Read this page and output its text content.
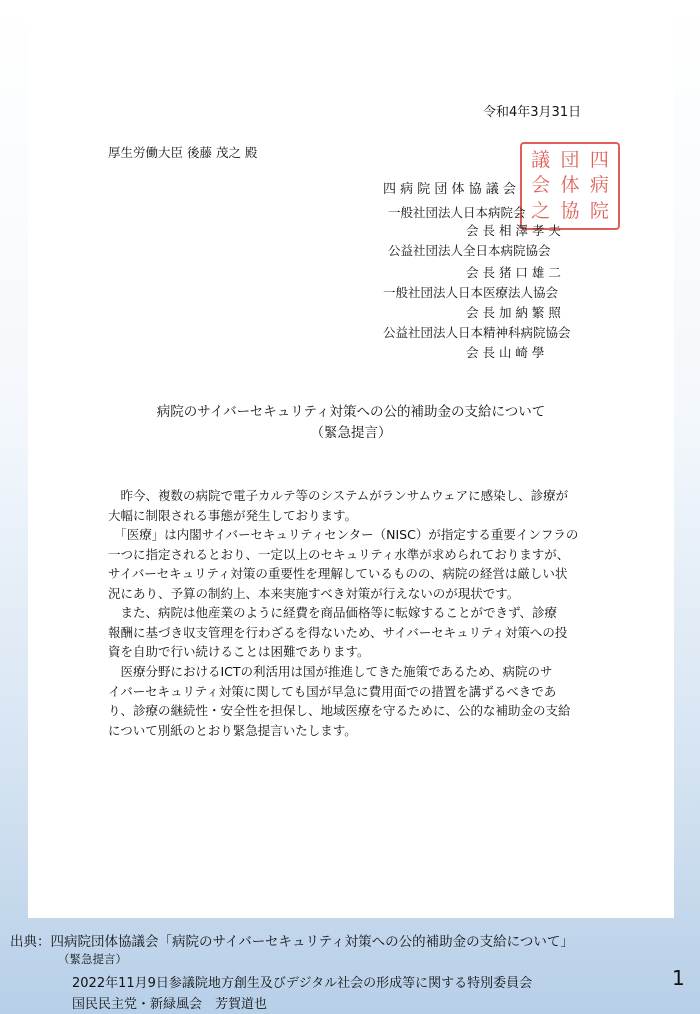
令和4年3月31日
厚生労働大臣 後藤 茂之 殿	四
病
院
団
体
協
議
会
之
四 病 院 団 体 協 議 会
一般社団法人日本病院会
会 長 相 澤 孝 夫
公益社団法人全日本病院協会
会 長 猪 口 雄 二
一般社団法人日本医療法人協会
会 長 加 納 繁 照
公益社団法人日本精神科病院協会
会 長 山 崎 學
病院のサイバーセキュリティ対策への公的補助金の支給について
（緊急提言）
　昨今、複数の病院で電子カルテ等のシステムがランサムウェアに感染し、診療が
大幅に制限される事態が発生しております。
　「医療」は内閣サイバーセキュリティセンター（NISC）が指定する重要インフラの
一つに指定されるとおり、一定以上のセキュリティ水準が求められておりますが、
サイバーセキュリティ対策の重要性を理解しているものの、病院の経営は厳しい状
況にあり、予算の制約上、本来実施すべき対策が行えないのが現状です。
　また、病院は他産業のように経費を商品価格等に転嫁することができず、診療
報酬に基づき収支管理を行わざるを得ないため、サイバーセキュリティ対策への投
資を自助で行い続けることは困難であります。
　医療分野におけるICTの利活用は国が推進してきた施策であるため、病院のサ
イバーセキュリティ対策に関しても国が早急に費用面での措置を講ずるべきであ
り、診療の継続性・安全性を担保し、地域医療を守るために、公的な補助金の支給
について別紙のとおり緊急提言いたします。
出典：四病院団体協議会「病院のサイバーセキュリティ対策への公的補助金の支給について」
（緊急提言）
2022年11月9日参議院地方創生及びデジタル社会の形成等に関する特別委員会
国民民主党・新緑風会　芳賀道也
1
